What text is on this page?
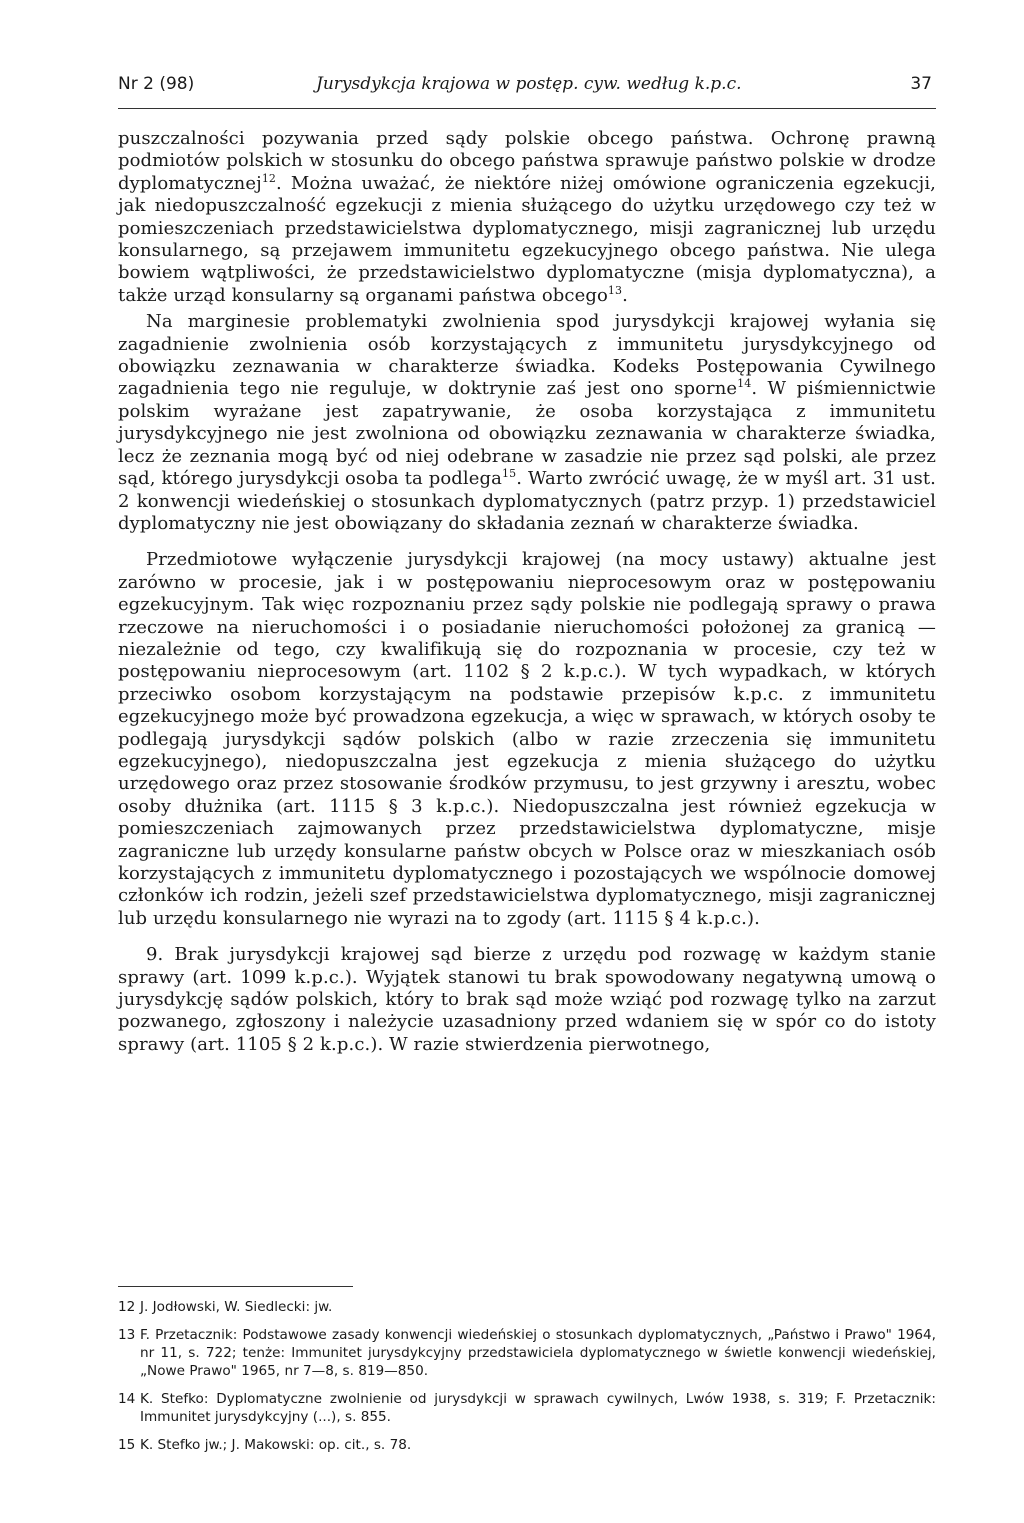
Nr 2 (98)	Jurysdykcja krajowa w postęp. cyw. według k.p.c.	37

puszczalności pozywania przed sądy polskie obcego państwa. Ochronę prawną podmiotów polskich w stosunku do obcego państwa sprawuje państwo polskie w drodze dyplomatycznej$^{12}$. Można uważać, że niektóre niżej omówione ograniczenia egzekucji, jak niedopuszczalność egzekucji z mienia służącego do użytku urzędowego czy też w pomieszczeniach przedstawicielstwa dyplomatycznego, misji zagranicznej lub urzędu konsularnego, są przejawem immunitetu egzekucyjnego obcego państwa. Nie ulega bowiem wątpliwości, że przedstawicielstwo dyplomatyczne (misja dyplomatyczna), a także urząd konsularny są organami państwa obcego$^{13}$.

Na marginesie problematyki zwolnienia spod jurysdykcji krajowej wyłania się zagadnienie zwolnienia osób korzystających z immunitetu jurysdykcyjnego od obowiązku zeznawania w charakterze świadka. Kodeks Postępowania Cywilnego zagadnienia tego nie reguluje, w doktrynie zaś jest ono sporne$^{14}$. W piśmiennictwie polskim wyrażane jest zapatrywanie, że osoba korzystająca z immunitetu jurysdykcyjnego nie jest zwolniona od obowiązku zeznawania w charakterze świadka, lecz że zeznania mogą być od niej odebrane w zasadzie nie przez sąd polski, ale przez sąd, którego jurysdykcji osoba ta podlega$^{15}$. Warto zwrócić uwagę, że w myśl art. 31 ust. 2 konwencji wiedeńskiej o stosunkach dyplomatycznych (patrz przyp. 1) przedstawiciel dyplomatyczny nie jest obowiązany do składania zeznań w charakterze świadka.

Przedmiotowe wyłączenie jurysdykcji krajowej (na mocy ustawy) aktualne jest zarówno w procesie, jak i w postępowaniu nieprocesowym oraz w postępowaniu egzekucyjnym. Tak więc rozpoznaniu przez sądy polskie nie podlegają sprawy o prawa rzeczowe na nieruchomości i o posiadanie nieruchomości położonej za granicą — niezależnie od tego, czy kwalifikują się do rozpoznania w procesie, czy też w postępowaniu nieprocesowym (art. 1102 § 2 k.p.c.). W tych wypadkach, w których przeciwko osobom korzystającym na podstawie przepisów k.p.c. z immunitetu egzekucyjnego może być prowadzona egzekucja, a więc w sprawach, w których osoby te podlegają jurysdykcji sądów polskich (albo w razie zrzeczenia się immunitetu egzekucyjnego), niedopuszczalna jest egzekucja z mienia służącego do użytku urzędowego oraz przez stosowanie środków przymusu, to jest grzywny i aresztu, wobec osoby dłużnika (art. 1115 § 3 k.p.c.). Niedopuszczalna jest również egzekucja w pomieszczeniach zajmowanych przez przedstawicielstwa dyplomatyczne, misje zagraniczne lub urzędy konsularne państw obcych w Polsce oraz w mieszkaniach osób korzystających z immunitetu dyplomatycznego i pozostających we wspólnocie domowej członków ich rodzin, jeżeli szef przedstawicielstwa dyplomatycznego, misji zagranicznej lub urzędu konsularnego nie wyrazi na to zgody (art. 1115 § 4 k.p.c.).

9. Brak jurysdykcji krajowej sąd bierze z urzędu pod rozwagę w każdym stanie sprawy (art. 1099 k.p.c.). Wyjątek stanowi tu brak spowodowany negatywną umową o jurysdykcję sądów polskich, który to brak sąd może wziąć pod rozwagę tylko na zarzut pozwanego, zgłoszony i należycie uzasadniony przed wdaniem się w spór co do istoty sprawy (art. 1105 § 2 k.p.c.). W razie stwierdzenia pierwotnego,

12 J. Jodłowski, W. Siedlecki: jw.
13 F. Przetacznik: Podstawowe zasady konwencji wiedeńskiej o stosunkach dyplomatycznych, „Państwo i Prawo" 1964, nr 11, s. 722; tenże: Immunitet jurysdykcyjny przedstawiciela dyplomatycznego w świetle konwencji wiedeńskiej, „Nowe Prawo" 1965, nr 7—8, s. 819—850.
14 K. Stefko: Dyplomatyczne zwolnienie od jurysdykcji w sprawach cywilnych, Lwów 1938, s. 319; F. Przetacznik: Immunitet jurysdykcyjny (...), s. 855.
15 K. Stefko jw.; J. Makowski: op. cit., s. 78.
